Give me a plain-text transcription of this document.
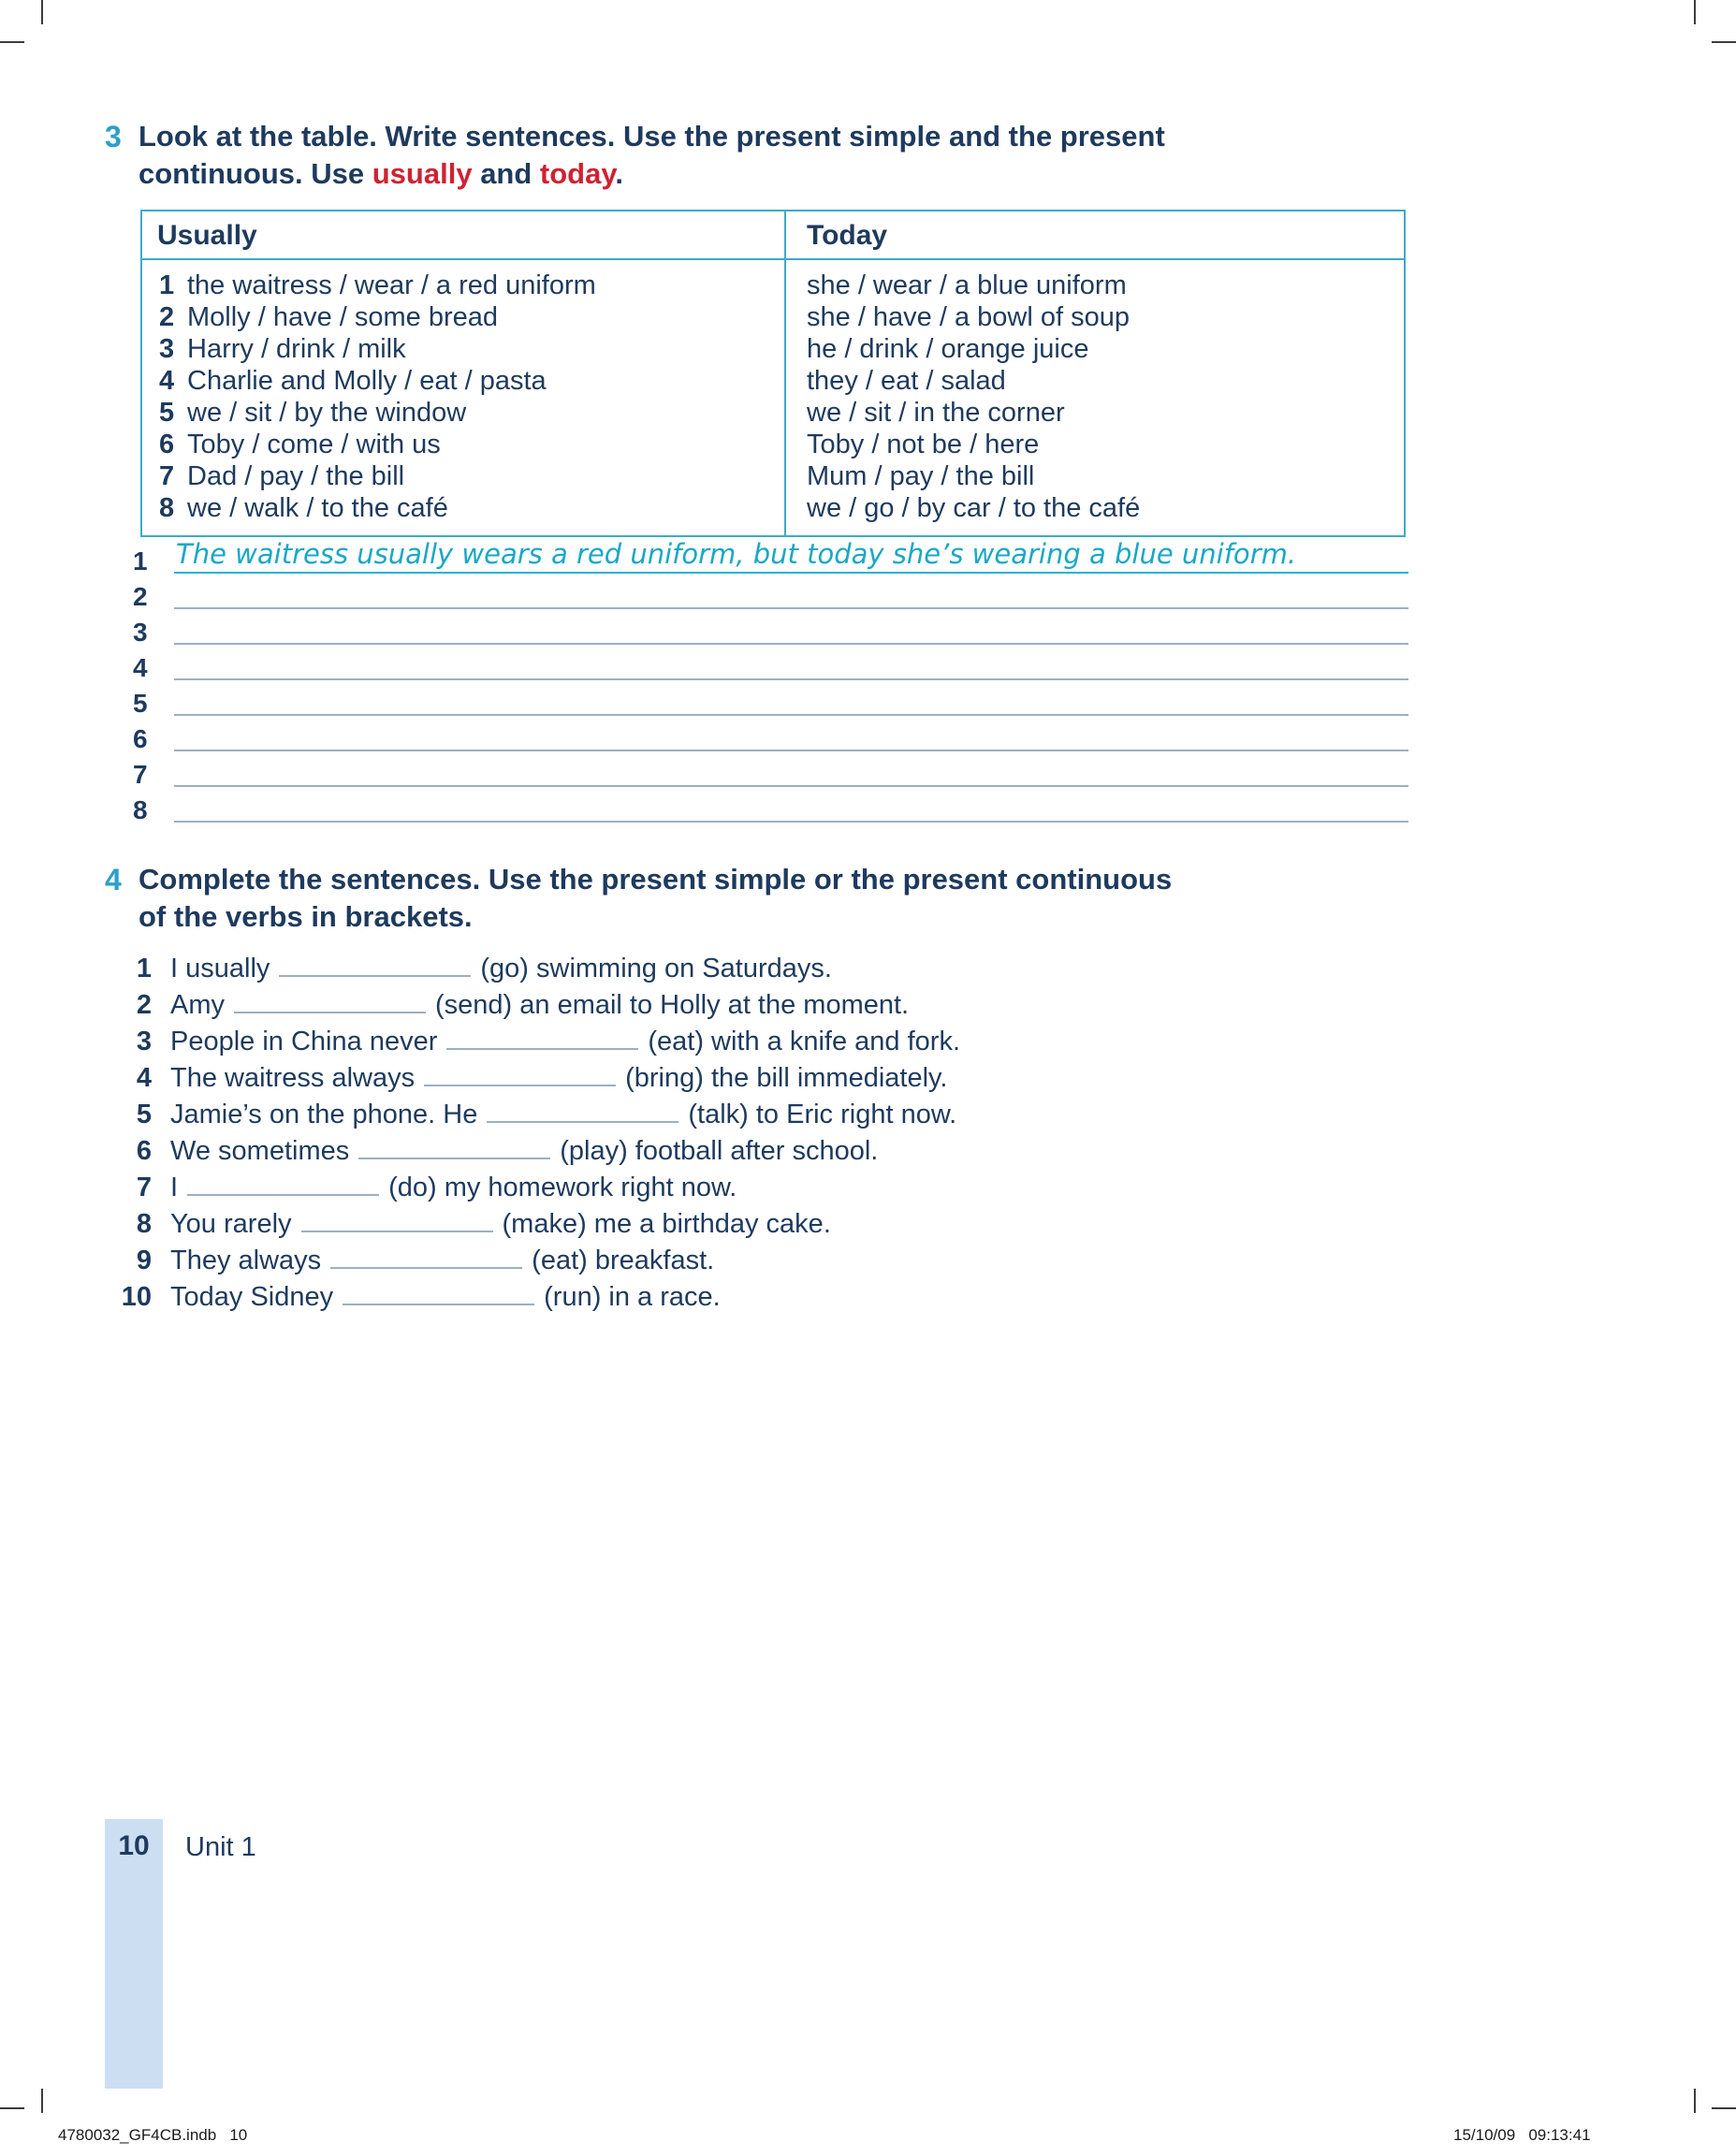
3 Look at the table. Write sentences. Use the present simple and the present
continuous. Use usually and today.
Usually	Today
1 the waitress / wear / a red uniform	she / wear / a blue uniform
2 Molly / have / some bread	she / have / a bowl of soup
3 Harry / drink / milk	he / drink / orange juice
4 Charlie and Molly / eat / pasta	they / eat / salad
5 we / sit / by the window	we / sit / in the corner
6 Toby / come / with us	Toby / not be / here
7 Dad / pay / the bill	Mum / pay / the bill
8 we / walk / to the café	we / go / by car / to the café
1 The waitress usually wears a red uniform, but today she’s wearing a blue uniform.
2
3
4
5
6
7
8
4 Complete the sentences. Use the present simple or the present continuous
of the verbs in brackets.
1 I usually	(go) swimming on Saturdays.
2 Amy	(send) an email to Holly at the moment.
3 People in China never	(eat) with a knife and fork.
4 The waitress always	(bring) the bill immediately.
5 Jamie’s on the phone. He	(talk) to Eric right now.
6 We sometimes	(play) football after school.
7 I	(do) my homework right now.
8 You rarely	(make) me a birthday cake.
9 They always	(eat) breakfast.
10 Today Sidney	(run) in a race.
10	Unit 1
4780032_GF4CB.indb   10	15/10/09   09:13:41
